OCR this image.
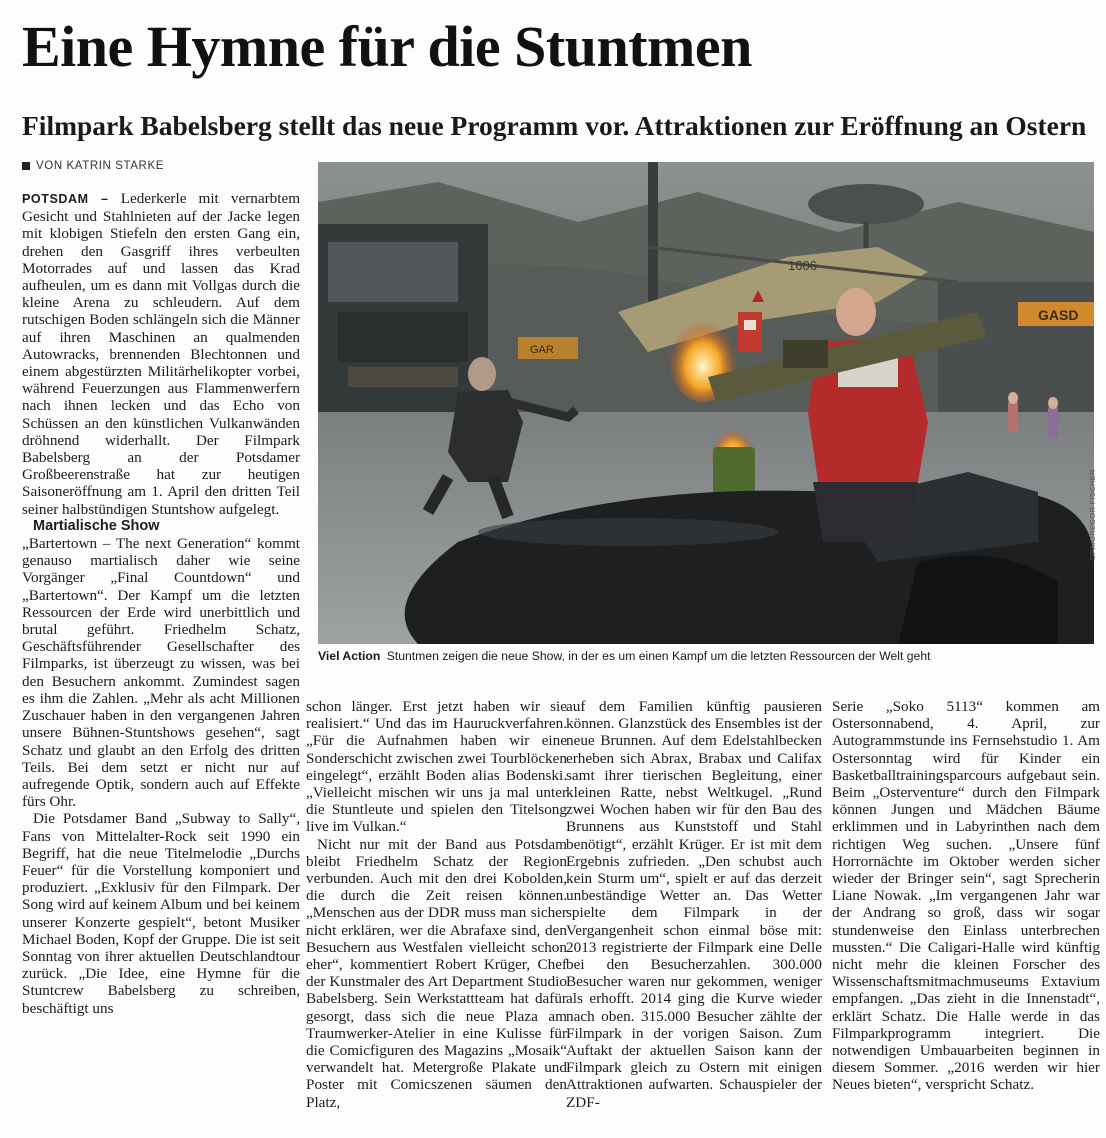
Eine Hymne für die Stuntmen
Filmpark Babelsberg stellt das neue Programm vor. Attraktionen zur Eröffnung an Ostern
VON KATRIN STARKE

POTSDAM – Lederkerle mit vernarbtem Gesicht und Stahlnieten auf der Jacke legen mit klobigen Stiefeln den ersten Gang ein, drehen den Gasgriff ihres verbeulten Motorrades auf und lassen das Krad aufheulen, um es dann mit Vollgas durch die kleine Arena zu schleudern. Auf dem rutschigen Boden schlängeln sich die Männer auf ihren Maschinen an qualmenden Autowracks, brennenden Blechtonnen und einem abgestürzten Militärhelikopter vorbei, während Feuerzungen aus Flammenwerfern nach ihnen lecken und das Echo von Schüssen an den künstlichen Vulkanwänden dröhnend widerhallt. Der Filmpark Babelsberg an der Potsdamer Großbeerenstraße hat zur heutigen Saisoneröffnung am 1. April den dritten Teil seiner halbstündigen Stuntshow aufgelegt.

Martialische Show

„Bartertown – The next Generation“ kommt genauso martialisch daher wie seine Vorgänger „Final Countdown“ und „Bartertown“. Der Kampf um die letzten Ressourcen der Erde wird unerbittlich und brutal geführt. Friedhelm Schatz, Geschäftsführender Gesellschafter des Filmparks, ist überzeugt zu wissen, was bei den Besuchern ankommt. Zumindest sagen es ihm die Zahlen. „Mehr als acht Millionen Zuschauer haben in den vergangenen Jahren unsere Bühnen-Stuntshows gesehen“, sagt Schatz und glaubt an den Erfolg des dritten Teils. Bei dem setzt er nicht nur auf aufregende Optik, sondern auch auf Effekte fürs Ohr.

Die Potsdamer Band „Subway to Sally“, Fans von Mittelalter-Rock seit 1990 ein Begriff, hat die neue Titelmelodie „Durchs Feuer“ für die Vorstellung komponiert und produziert. „Exklusiv für den Filmpark. Der Song wird auf keinem Album und bei keinem unserer Konzerte gespielt“, betont Musiker Michael Boden, Kopf der Gruppe. Die ist seit Sonntag von ihrer aktuellen Deutschlandtour zurück. „Die Idee, eine Hymne für die Stuntcrew Babelsberg zu schreiben, beschäftigt uns

1606
GASD
GAR
DPA/GREGOR FISCHER
Viel Action Stuntmen zeigen die neue Show, in der es um einen Kampf um die letzten Ressourcen der Welt geht

schon länger. Erst jetzt haben wir sie realisiert.“ Und das im Hauruckverfahren. „Für die Aufnahmen haben wir eine Sonderschicht zwischen zwei Tourblöcken eingelegt“, erzählt Boden alias Bodenski. „Vielleicht mischen wir uns ja mal unter die Stuntleute und spielen den Titelsong live im Vulkan.“

Nicht nur mit der Band aus Potsdam bleibt Friedhelm Schatz der Region verbunden. Auch mit den drei Kobolden, die durch die Zeit reisen können. „Menschen aus der DDR muss man sicher nicht erklären, wer die Abrafaxe sind, den Besuchern aus Westfalen vielleicht schon eher“, kommentiert Robert Krüger, Chef der Kunstmaler des Art Department Studio Babelsberg. Sein Werkstattteam hat dafür gesorgt, dass sich die neue Plaza am Traumwerker-Atelier in eine Kulisse für die Comicfiguren des Magazins „Mosaik“ verwandelt hat. Metergroße Plakate und Poster mit Comicszenen säumen den Platz,

auf dem Familien künftig pausieren können. Glanzstück des Ensembles ist der neue Brunnen. Auf dem Edelstahlbecken erheben sich Abrax, Brabax und Califax samt ihrer tierischen Begleitung, einer kleinen Ratte, nebst Weltkugel. „Rund zwei Wochen haben wir für den Bau des Brunnens aus Kunststoff und Stahl benötigt“, erzählt Krüger. Er ist mit dem Ergebnis zufrieden. „Den schubst auch kein Sturm um“, spielt er auf das derzeit unbeständige Wetter an. Das Wetter spielte dem Filmpark in der Vergangenheit schon einmal böse mit: 2013 registrierte der Filmpark eine Delle bei den Besucherzahlen. 300.000 Besucher waren nur gekommen, weniger als erhofft. 2014 ging die Kurve wieder nach oben. 315.000 Besucher zählte der Filmpark in der vorigen Saison. Zum Auftakt der aktuellen Saison kann der Filmpark gleich zu Ostern mit einigen Attraktionen aufwarten. Schauspieler der ZDF-

Serie „Soko 5113“ kommen am Ostersonnabend, 4. April, zur Autogrammstunde ins Fernsehstudio 1. Am Ostersonntag wird für Kinder ein Basketballtrainingsparcours aufgebaut sein. Beim „Osterventure“ durch den Filmpark können Jungen und Mädchen Bäume erklimmen und in Labyrinthen nach dem richtigen Weg suchen. „Unsere fünf Horrornächte im Oktober werden sicher wieder der Bringer sein“, sagt Sprecherin Liane Nowak. „Im vergangenen Jahr war der Andrang so groß, dass wir sogar stundenweise den Einlass unterbrechen mussten.“ Die Caligari-Halle wird künftig nicht mehr die kleinen Forscher des Wissenschaftsmitmachmuseums Extavium empfangen. „Das zieht in die Innenstadt“, erklärt Schatz. Die Halle werde in das Filmparkprogramm integriert. Die notwendigen Umbauarbeiten beginnen in diesem Sommer. „2016 werden wir hier Neues bieten“, verspricht Schatz.
